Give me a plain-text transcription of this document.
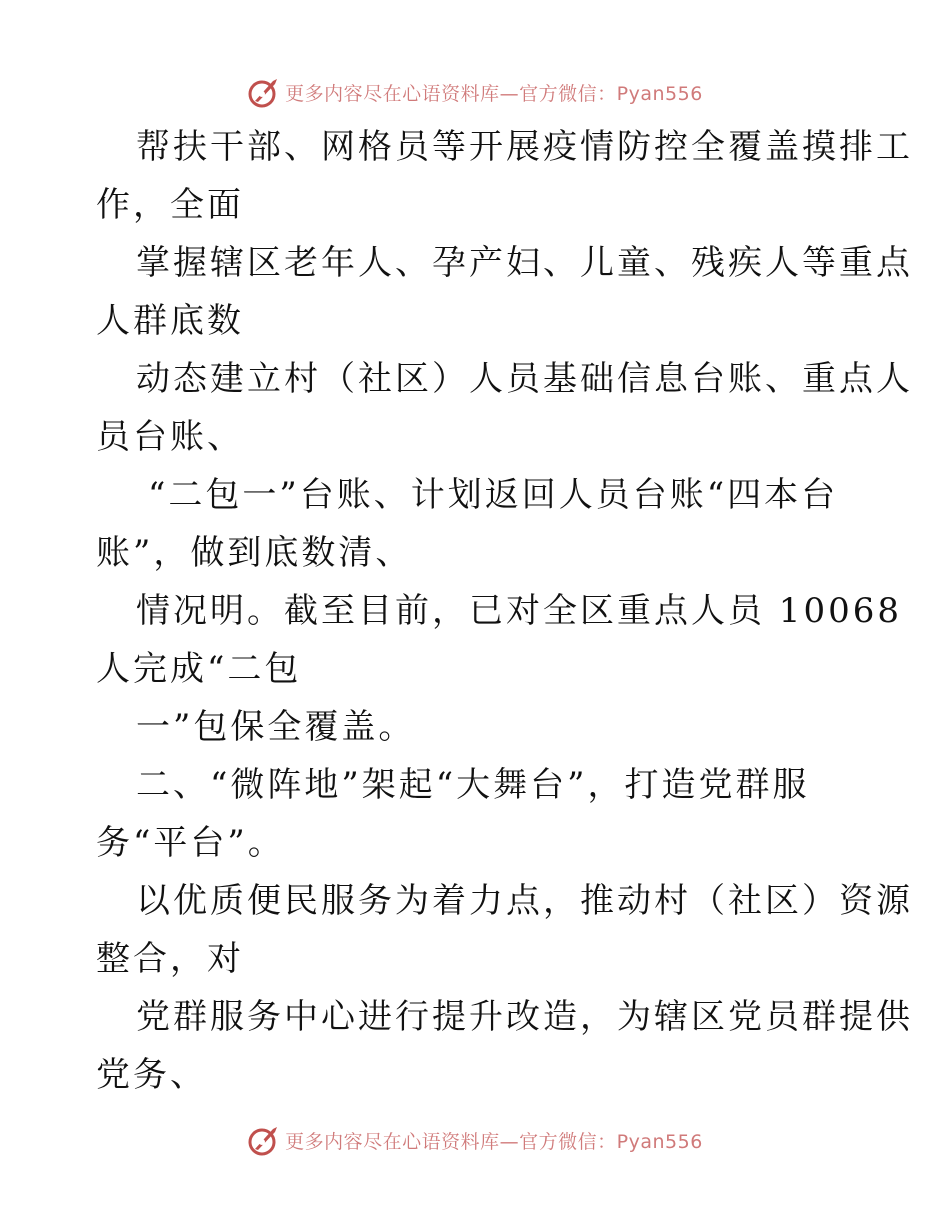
更多内容尽在心语资料库—官方微信：Pyan556
帮扶干部、网格员等开展疫情防控全覆盖摸排工
作，全面
掌握辖区老年人、孕产妇、儿童、残疾人等重点
人群底数
动态建立村（社区）人员基础信息台账、重点人
员台账、
“二包一”台账、计划返回人员台账“四本台
账”，做到底数清、
情况明。截至目前，已对全区重点人员 10068
人完成“二包
一”包保全覆盖。
二、“微阵地”架起“大舞台”，打造党群服
务“平台”。
以优质便民服务为着力点，推动村（社区）资源
整合，对
党群服务中心进行提升改造，为辖区党员群提供
党务、
更多内容尽在心语资料库—官方微信：Pyan556
